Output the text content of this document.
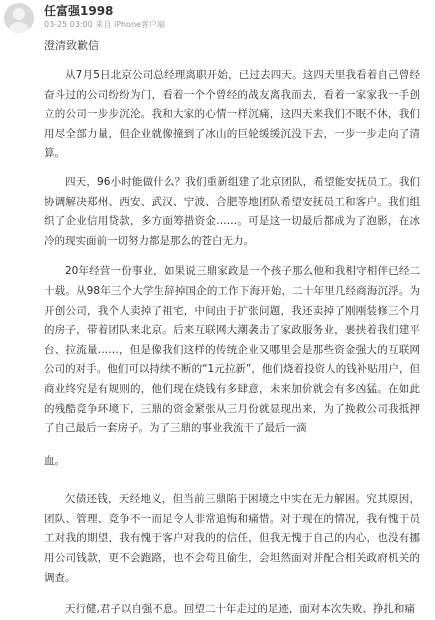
任富强1998
03-25 03:00 来自 iPhone客户端
澄清致歉信

从7月5日北京公司总经理离职开始，已过去四天。这四天里我看着自己曾经奋斗过的公司纷纷为门，看着一个个曾经的战友离我而去，看着一家家我一手创立的公司一步步沉沦。我和大家的心情一样沉痛，这四天来我们不眠不休，我们用尽全部力量，但企业就像撞到了冰山的巨轮缓缓沉没下去，一步一步走向了清算。

四天，96小时能做什么？我们重新组建了北京团队，希望能安抚员工。我们协调解决郑州、西安、武汉、宁波、合肥等地团队希望安抚员工和客户。我们组织了企业信用贷款，多方面筹措资金……。可是这一切最后都成为了泡影，在冰冷的现实面前一切努力都是那么的苍白无力。

20年经营一份事业，如果说三鼎家政是一个孩子那么他和我相守相伴已经二十载。从98年三个大学生辞掉国企的工作下海开始，二十年里几经商海沉浮。为开创公司，我个人卖掉了祖宅，中间由于扩张问题，我还卖掉了刚刚装修三个月的房子，带着团队来北京。后来互联网大潮袭击了家政服务业，裹挟着我们建平台、拉流量……，但是像我们这样的传统企业又哪里会是那些资金强大的互联网公司的对手。他们可以持续不断的“1元拉新”，他们烧着投资人的钱补贴用户，但商业终究是有规则的，他们现在烧钱有多肆意，未来加价就会有多凶猛。在如此的残酷竞争环境下，三鼎的资金紧张从三月份就显现出来，为了挽救公司我抵押了自己最后一套房子。为了三鼎的事业我流干了最后一滴

血。

欠债还钱，天经地义，但当前三鼎陷于困境之中实在无力解困。究其原因，团队、管理、竞争不一而足令人非常追悔和痛惜。对于现在的情况，我有愧于员工对我的期望，我有愧于客户对我的的信任，但我无愧于自己的内心，也没有挪用公司钱款，更不会跑路，也不会苟且偷生，会坦然面对并配合相关政府机关的调查。

天行健,君子以自强不息。回望二十年走过的足迹，面对本次失败、挣扎和痛
